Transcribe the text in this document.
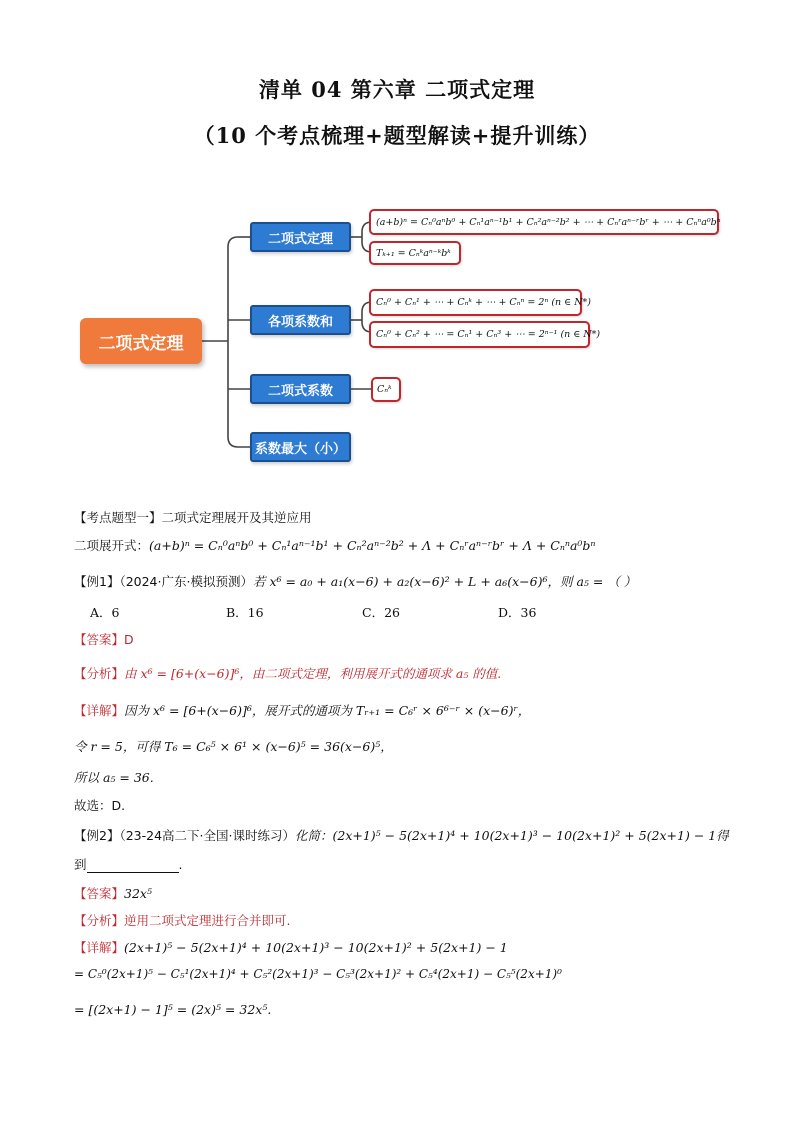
清单 04 第六章 二项式定理
（10 个考点梳理+题型解读+提升训练）
二项式定理
二项式定理
各项系数和
二项式系数
系数最大（小）
(a+b)ⁿ = Cₙ⁰aⁿb⁰ + Cₙ¹aⁿ⁻¹b¹ + Cₙ²aⁿ⁻²b² + ⋯ + Cₙʳaⁿ⁻ʳbʳ + ⋯ + Cₙⁿa⁰bⁿ
Tₖ₊₁ = Cₙᵏaⁿ⁻ᵏbᵏ
Cₙ⁰ + Cₙ¹ + ⋯ + Cₙᵏ + ⋯ + Cₙⁿ = 2ⁿ (n ∈ N*)
Cₙ⁰ + Cₙ² + ⋯ = Cₙ¹ + Cₙ³ + ⋯ = 2ⁿ⁻¹ (n ∈ N*)
Cₙᵏ
【考点题型一】二项式定理展开及其逆应用
二项展开式：(a+b)ⁿ = Cₙ⁰aⁿb⁰ + Cₙ¹aⁿ⁻¹b¹ + Cₙ²aⁿ⁻²b² + Λ + Cₙʳaⁿ⁻ʳbʳ + Λ + Cₙⁿa⁰bⁿ
【例1】（2024·广东·模拟预测）若 x⁶ = a₀ + a₁(x−6) + a₂(x−6)² + L + a₆(x−6)⁶，则 a₅ = （ ）
A．6	B．16	C．26	D．36
【答案】D
【分析】由 x⁶ = [6+(x−6)]⁶，由二项式定理，利用展开式的通项求 a₅ 的值.
【详解】因为 x⁶ = [6+(x−6)]⁶，展开式的通项为 Tᵣ₊₁ = C₆ʳ × 6⁶⁻ʳ × (x−6)ʳ，
令 r = 5，可得 T₆ = C₆⁵ × 6¹ × (x−6)⁵ = 36(x−6)⁵，
所以 a₅ = 36.
故选：D.
【例2】（23-24高二下·全国·课时练习）化简：(2x+1)⁵ − 5(2x+1)⁴ + 10(2x+1)³ − 10(2x+1)² + 5(2x+1) − 1得
到	.
【答案】32x⁵
【分析】逆用二项式定理进行合并即可.
【详解】(2x+1)⁵ − 5(2x+1)⁴ + 10(2x+1)³ − 10(2x+1)² + 5(2x+1) − 1
= C₅⁰(2x+1)⁵ − C₅¹(2x+1)⁴ + C₅²(2x+1)³ − C₅³(2x+1)² + C₅⁴(2x+1) − C₅⁵(2x+1)⁰
= [(2x+1) − 1]⁵ = (2x)⁵ = 32x⁵.
